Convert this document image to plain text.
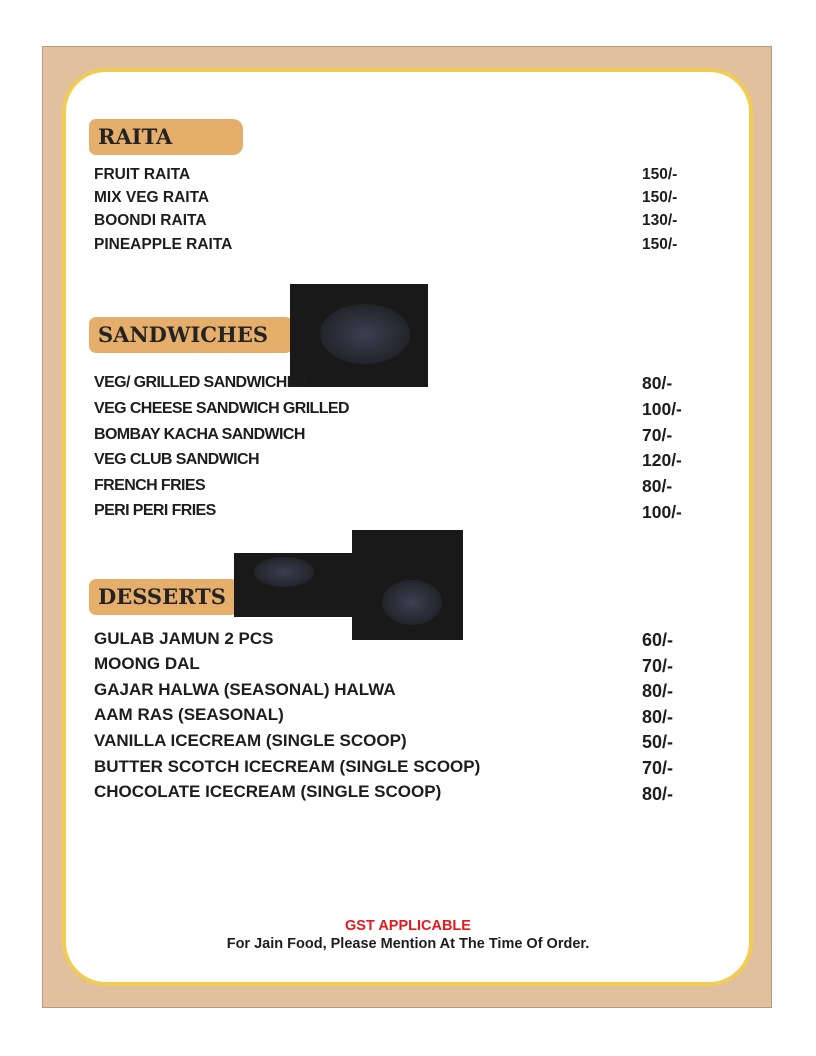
RAITA
FRUIT RAITA	150/-
MIX VEG RAITA	150/-
BOONDI RAITA	130/-
PINEAPPLE RAITA	150/-
SANDWICHES
VEG/ GRILLED SANDWICHES	80/-
VEG CHEESE SANDWICH GRILLED	100/-
BOMBAY KACHA SANDWICH	70/-
VEG CLUB SANDWICH	120/-
FRENCH FRIES	80/-
PERI PERI FRIES	100/-
DESSERTS
GULAB JAMUN 2 PCS	60/-
MOONG DAL	70/-
GAJAR HALWA (SEASONAL) HALWA	80/-
AAM RAS (SEASONAL)	80/-
VANILLA ICECREAM (SINGLE SCOOP)	50/-
BUTTER SCOTCH ICECREAM (SINGLE SCOOP)	70/-
CHOCOLATE ICECREAM (SINGLE SCOOP)	80/-
GST APPLICABLE
For Jain Food, Please Mention At The Time Of Order.
